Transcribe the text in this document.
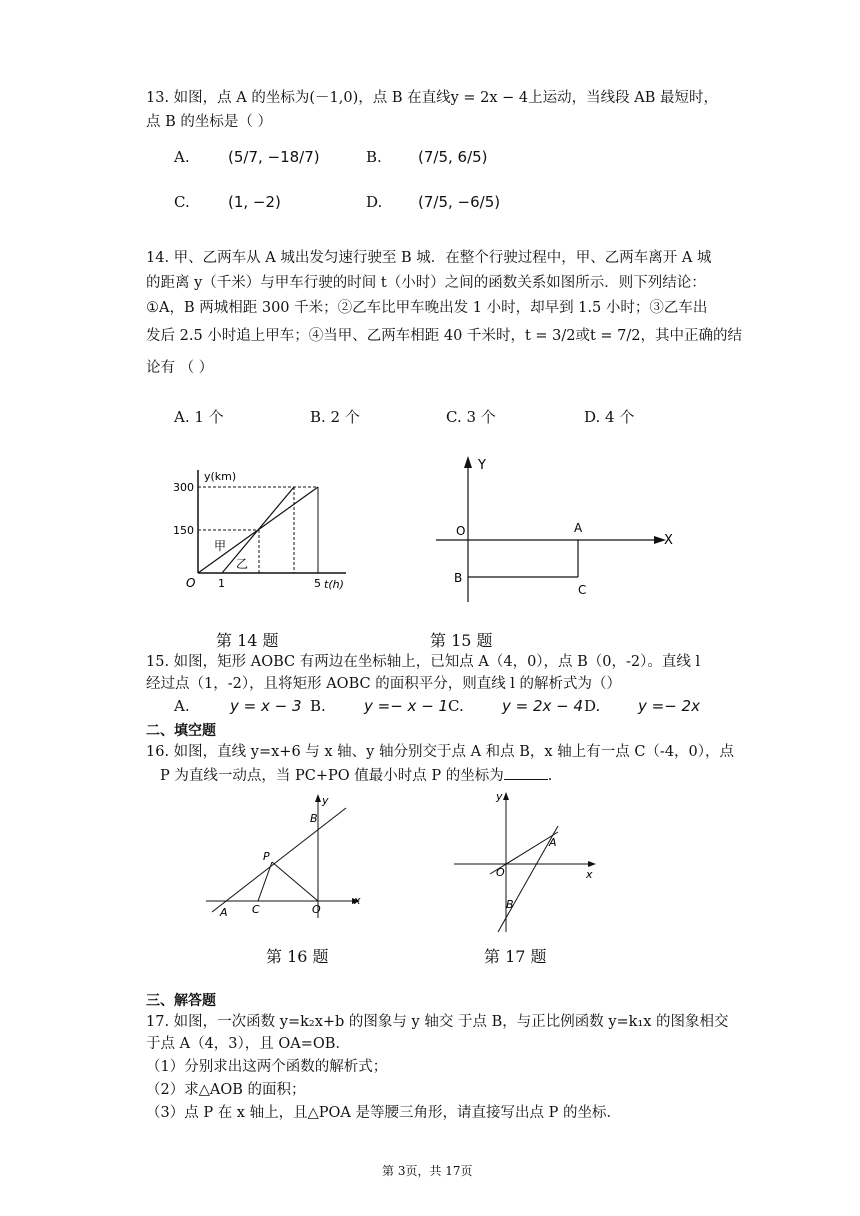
13. 如图，点 A 的坐标为(－1,0)，点 B 在直线y = 2x − 4上运动，当线段 AB 最短时，
点 B 的坐标是（ ）
A.	(5/7, −18/7)	B. (7/5, 6/5)
C.	(1, −2)	D. (7/5, −6/5)
14. 甲、乙两车从 A 城出发匀速行驶至 B 城．在整个行驶过程中，甲、乙两车离开 A 城
的距离 y（千米）与甲车行驶的时间 t（小时）之间的函数关系如图所示．则下列结论：
①A，B 两城相距 300 千米；②乙车比甲车晚出发 1 小时，却早到 1.5 小时；③乙车出
发后 2.5 小时追上甲车；④当甲、乙两车相距 40 千米时，t = 3/2或t = 7/2，其中正确的结
论有 （ ）
A. 1 个	B. 2 个	C. 3 个	D. 4 个
y(km)
300
150
O 1	5 t(h)
甲
乙
Y
X
O	A
B
C
第 14 题	第 15 题
15. 如图，矩形 AOBC 有两边在坐标轴上，已知点 A（4，0），点 B（0，-2）。直线 l
经过点（1，-2），且将矩形 AOBC 的面积平分，则直线 l 的解析式为（）
A.	y = x − 3 B.	y =− x − 1 C.	y = 2x − 4 D.	y =− 2x
二、填空题
16. 如图，直线 y=x+6 与 x 轴、y 轴分别交于点 A 和点 B，x 轴上有一点 C（-4，0），点
P 为直线一动点，当 PC+PO 值最小时点 P 的坐标为	.
y
x
B
P
A C	O
y
x
A
O
B
第 16 题	第 17 题
三、解答题
17. 如图，一次函数 y=k₂x+b 的图象与 y 轴交 于点 B，与正比例函数 y=k₁x 的图象相交
于点 A（4，3），且 OA=OB．
（1）分别求出这两个函数的解析式；
（2）求△AOB 的面积；
（3）点 P 在 x 轴上，且△POA 是等腰三角形，请直接写出点 P 的坐标．
第 3页，共 17页
